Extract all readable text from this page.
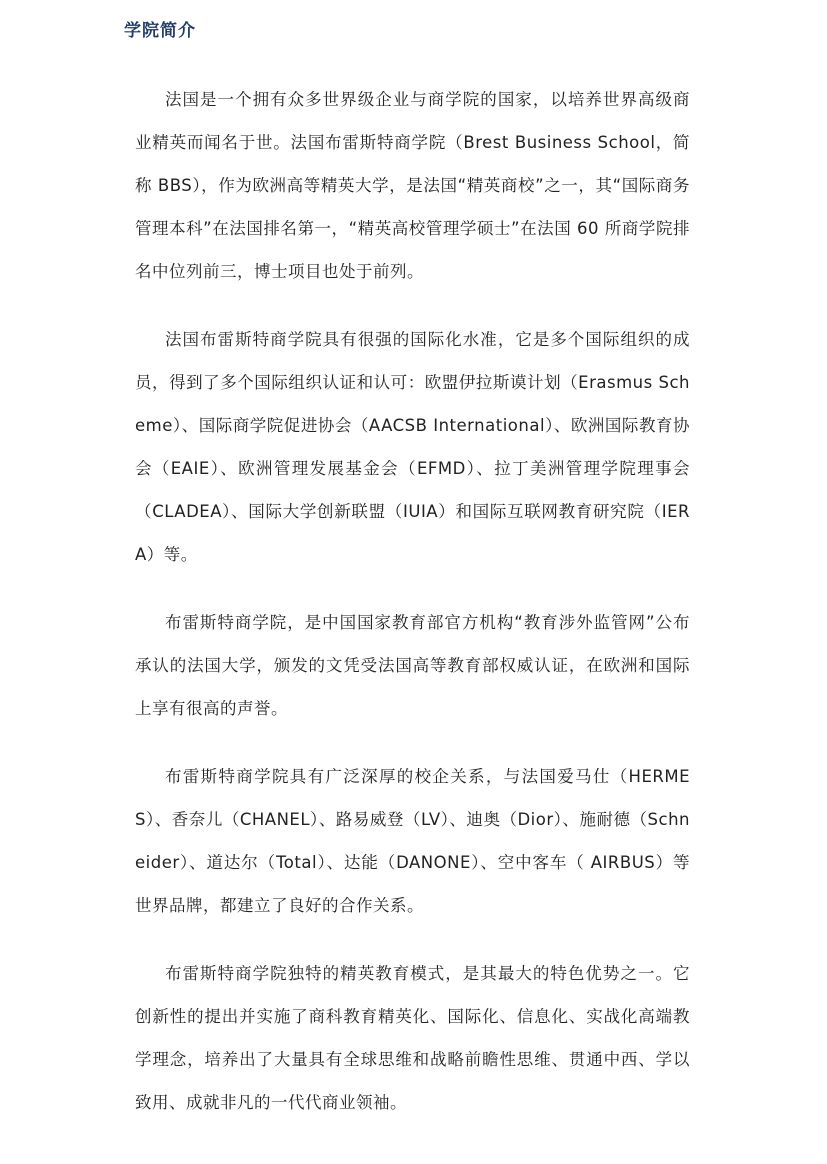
学院简介

法国是一个拥有众多世界级企业与商学院的国家，以培养世界高级商业精英而闻名于世。法国布雷斯特商学院（Brest Business School，简称 BBS），作为欧洲高等精英大学，是法国“精英商校”之一，其“国际商务管理本科”在法国排名第一，“精英高校管理学硕士”在法国 60 所商学院排名中位列前三，博士项目也处于前列。

法国布雷斯特商学院具有很强的国际化水准，它是多个国际组织的成员，得到了多个国际组织认证和认可：欧盟伊拉斯谟计划（Erasmus Scheme）、国际商学院促进协会（AACSB International）、欧洲国际教育协会（EAIE）、欧洲管理发展基金会（EFMD）、拉丁美洲管理学院理事会（CLADEA）、国际大学创新联盟（IUIA）和国际互联网教育研究院（IERA）等。

布雷斯特商学院，是中国国家教育部官方机构“教育涉外监管网”公布承认的法国大学，颁发的文凭受法国高等教育部权威认证，在欧洲和国际上享有很高的声誉。

布雷斯特商学院具有广泛深厚的校企关系，与法国爱马仕（HERMES）、香奈儿（CHANEL）、路易威登（LV）、迪奥（Dior）、施耐德（Schneider）、道达尔（Total）、达能（DANONE）、空中客车（ AIRBUS）等世界品牌，都建立了良好的合作关系。

布雷斯特商学院独特的精英教育模式，是其最大的特色优势之一。它创新性的提出并实施了商科教育精英化、国际化、信息化、实战化高端教学理念，培养出了大量具有全球思维和战略前瞻性思维、贯通中西、学以致用、成就非凡的一代代商业领袖。
